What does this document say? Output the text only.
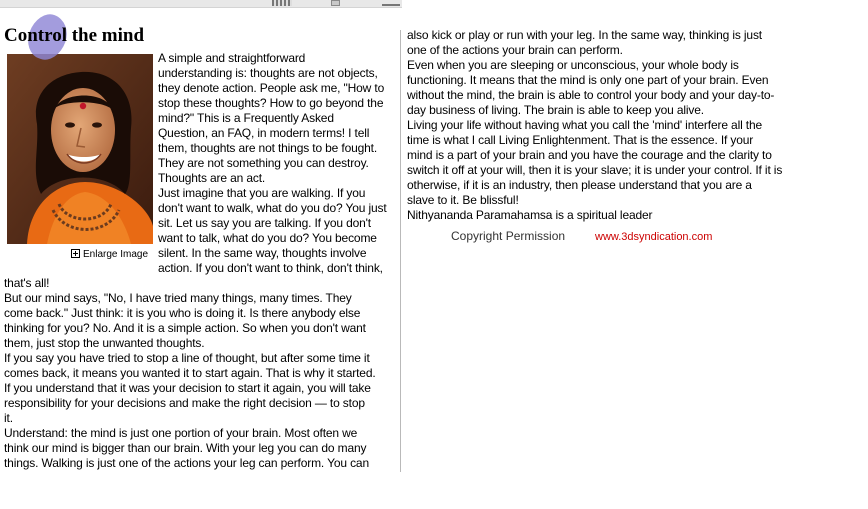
Control the mind
Enlarge Image

A simple and straightforward

understanding is: thoughts are not objects,

they denote action. People ask me, "How to

stop these thoughts? How to go beyond the

mind?" This is a Frequently Asked

Question, an FAQ, in modern terms! I tell

them, thoughts are not things to be fought.

They are not something you can destroy.

Thoughts are an act.

Just imagine that you are walking. If you

don't want to walk, what do you do? You just

sit. Let us say you are talking. If you don't

want to talk, what do you do? You become

silent. In the same way, thoughts involve

action. If you don't want to think, don't think,

that's all!

But our mind says, "No, I have tried many things, many times. They

come back." Just think: it is you who is doing it. Is there anybody else

thinking for you? No. And it is a simple action. So when you don't want

them, just stop the unwanted thoughts.

If you say you have tried to stop a line of thought, but after some time it

comes back, it means you wanted it to start again. That is why it started.

If you understand that it was your decision to start it again, you will take

responsibility for your decisions and make the right decision — to stop

it.

Understand: the mind is just one portion of your brain. Most often we

think our mind is bigger than our brain. With your leg you can do many

things. Walking is just one of the actions your leg can perform. You can

also kick or play or run with your leg. In the same way, thinking is just

one of the actions your brain can perform.

Even when you are sleeping or unconscious, your whole body is

functioning. It means that the mind is only one part of your brain. Even

without the mind, the brain is able to control your body and your day-to-

day business of living. The brain is able to keep you alive.

Living your life without having what you call the 'mind' interfere all the

time is what I call Living Enlightenment. That is the essence. If your

mind is a part of your brain and you have the courage and the clarity to

switch it off at your will, then it is your slave; it is under your control. If it is

otherwise, if it is an industry, then please understand that you are a

slave to it. Be blissful!

Nithyananda Paramahamsa is a spiritual leader

Copyright Permission	www.3dsyndication.com
